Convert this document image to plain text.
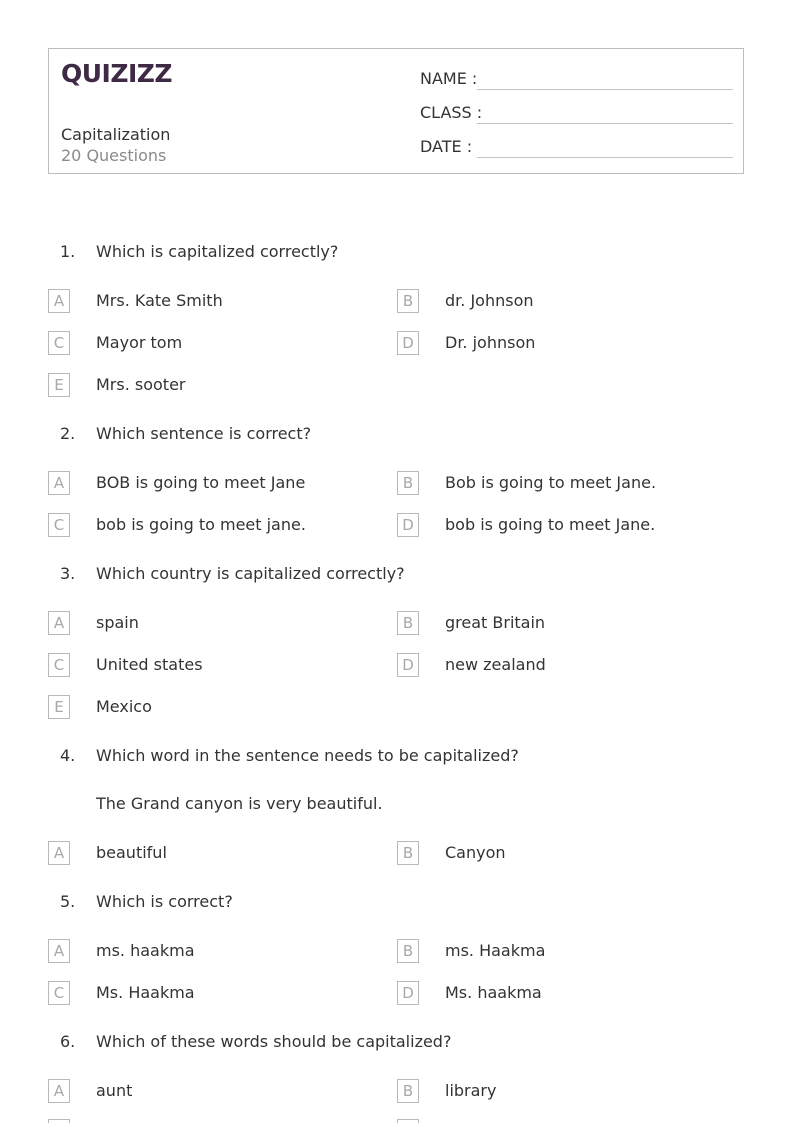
QUIZIZZ
Capitalization
20 Questions
NAME :
CLASS :
DATE :
1. Which is capitalized correctly?
A	Mrs. Kate Smith	B	dr. Johnson
C	Mayor tom	D	Dr. johnson
E	Mrs. sooter
2. Which sentence is correct?
A	BOB is going to meet Jane	B	Bob is going to meet Jane.
C	bob is going to meet jane.	D	bob is going to meet Jane.
3. Which country is capitalized correctly?
A	spain	B	great Britain
C	United states	D	new zealand
E	Mexico
4. Which word in the sentence needs to be capitalized?
The Grand canyon is very beautiful.
A	beautiful	B	Canyon
5. Which is correct?
A	ms. haakma	B	ms. Haakma
C	Ms. Haakma	D	Ms. haakma
6. Which of these words should be capitalized?
A	aunt	B	library
